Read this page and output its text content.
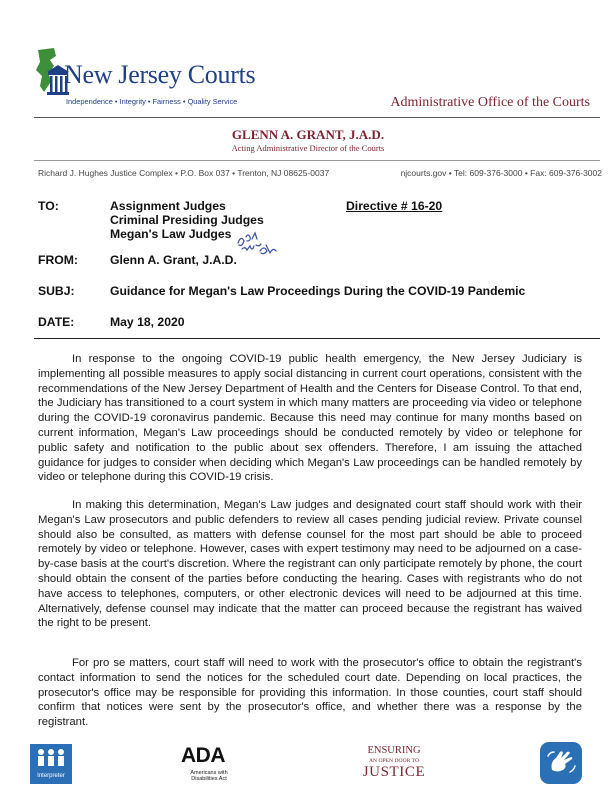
New Jersey Courts
Independence • Integrity • Fairness • Quality Service	Administrative Office of the Courts
GLENN A. GRANT, J.A.D.
Acting Administrative Director of the Courts
Richard J. Hughes Justice Complex • P.O. Box 037 • Trenton, NJ 08625-0037	njcourts.gov • Tel: 609-376-3000 • Fax: 609-376-3002
TO:	Assignment Judges
Criminal Presiding Judges
Megan's Law Judges
Directive # 16-20
FROM:	Glenn A. Grant, J.A.D.
SUBJ:	Guidance for Megan's Law Proceedings During the COVID-19 Pandemic
DATE:	May 18, 2020

In response to the ongoing COVID-19 public health emergency, the New Jersey Judiciary is implementing all possible measures to apply social distancing in current court operations, consistent with the recommendations of the New Jersey Department of Health and the Centers for Disease Control. To that end, the Judiciary has transitioned to a court system in which many matters are proceeding via video or telephone during the COVID-19 coronavirus pandemic. Because this need may continue for many months based on current information, Megan's Law proceedings should be conducted remotely by video or telephone for public safety and notification to the public about sex offenders. Therefore, I am issuing the attached guidance for judges to consider when deciding which Megan's Law proceedings can be handled remotely by video or telephone during this COVID-19 crisis.

In making this determination, Megan's Law judges and designated court staff should work with their Megan's Law prosecutors and public defenders to review all cases pending judicial review. Private counsel should also be consulted, as matters with defense counsel for the most part should be able to proceed remotely by video or telephone. However, cases with expert testimony may need to be adjourned on a case-by-case basis at the court's discretion. Where the registrant can only participate remotely by phone, the court should obtain the consent of the parties before conducting the hearing. Cases with registrants who do not have access to telephones, computers, or other electronic devices will need to be adjourned at this time. Alternatively, defense counsel may indicate that the matter can proceed because the registrant has waived the right to be present.

For pro se matters, court staff will need to work with the prosecutor's office to obtain the registrant's contact information to send the notices for the scheduled court date. Depending on local practices, the prosecutor's office may be responsible for providing this information. In those counties, court staff should confirm that notices were sent by the prosecutor's office, and whether there was a response by the registrant.

Interpreter
ADA
Americans with Disabilities Act
ENSURING
AN OPEN DOOR TO
JUSTICE
